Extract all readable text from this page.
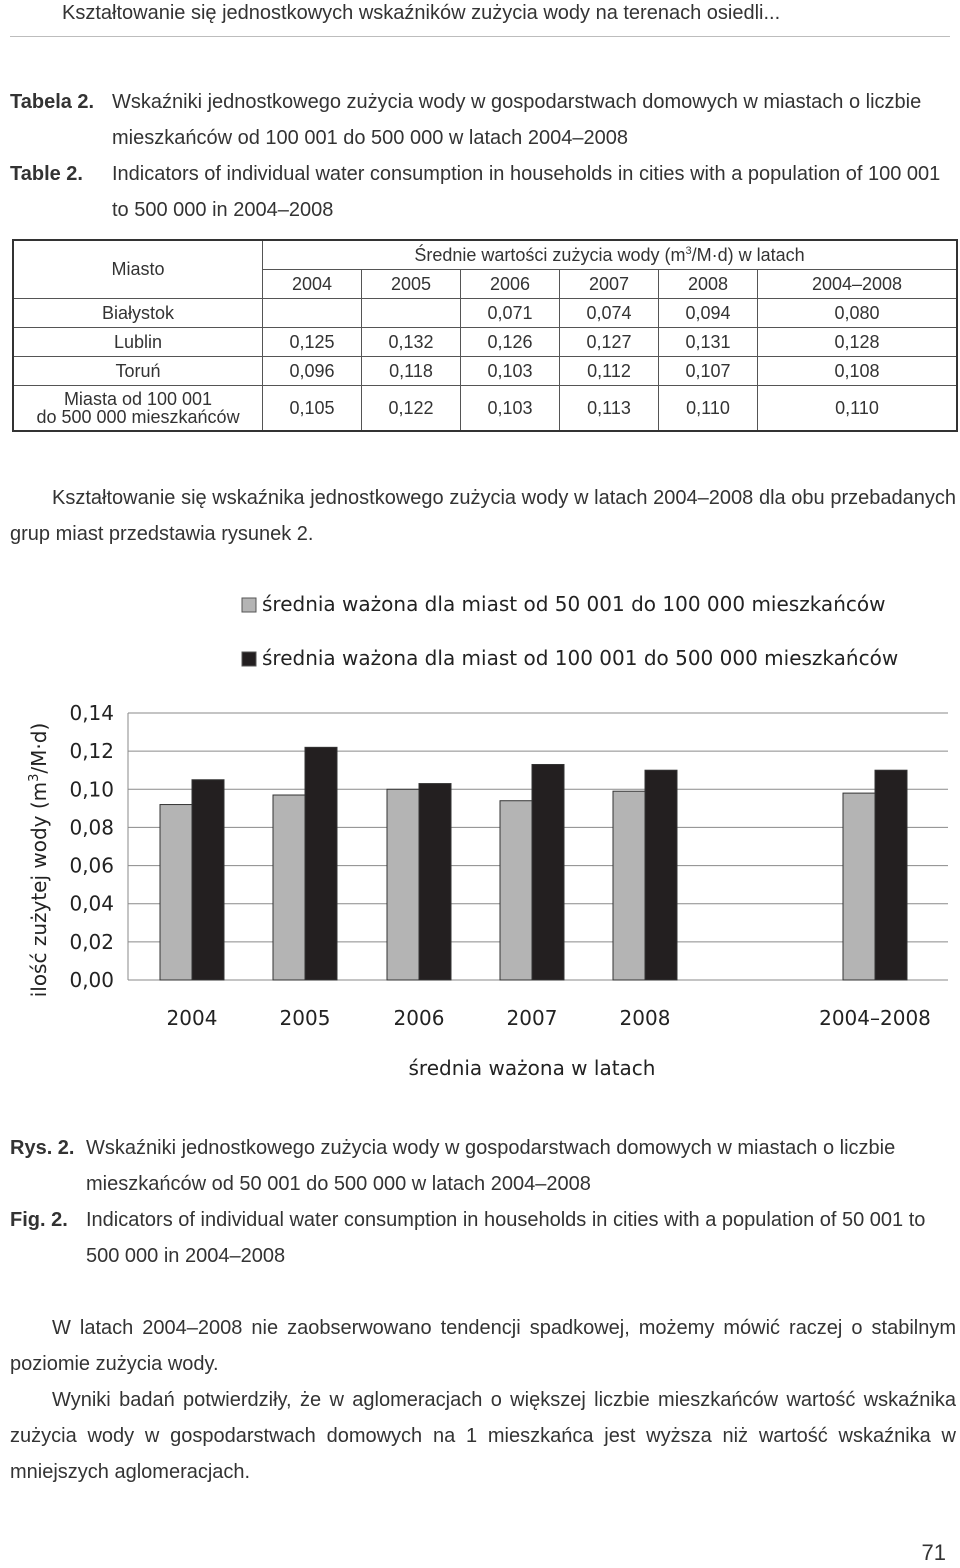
Kształtowanie się jednostkowych wskaźników zużycia wody na terenach osiedli...
Tabela 2. Wskaźniki jednostkowego zużycia wody w gospodarstwach domowych w miastach o liczbie mieszkańców od 100 001 do 500 000 w latach 2004–2008
Table 2. Indicators of individual water consumption in households in cities with a population of 100 001 to 500 000 in 2004–2008
Miasto	Średnie wartości zużycia wody $(m^3/M\cdot d)$ w latach					
	2004	2005	2006	2007	2008	2004–2008
Białystok			0,071	0,074	0,094	0,080
Lublin	0,125	0,132	0,126	0,127	0,131	0,128
Toruń	0,096	0,118	0,103	0,112	0,107	0,108
Miasta od 100 001
do 500 000 mieszkańców	0,105	0,122	0,103	0,113	0,110	0,110
Kształtowanie się wskaźnika jednostkowego zużycia wody w latach 2004–2008 dla obu przebadanych grup miast przedstawia rysunek 2.
średnia ważona dla miast od 50 001 do 100 000 mieszkańców
średnia ważona dla miast od 100 001 do 500 000 mieszkańców
0,00
0,02
0,04
0,06
0,08
0,10
0,12
0,14
2004	2005	2006	2007	2008	2004–2008
średnia ważona w latach
ilość zużytej wody $(m^3/M\cdot d)$
Rys. 2. Wskaźniki jednostkowego zużycia wody w gospodarstwach domowych w miastach o liczbie mieszkańców od 50 001 do 500 000 w latach 2004–2008
Fig. 2. Indicators of individual water consumption in households in cities with a population of 50 001 to 500 000 in 2004–2008
W latach 2004–2008 nie zaobserwowano tendencji spadkowej, możemy mówić raczej o stabilnym poziomie zużycia wody.
Wyniki badań potwierdziły, że w aglomeracjach o większej liczbie mieszkańców wartość wskaźnika zużycia wody w gospodarstwach domowych na 1 mieszkańca jest wyższa niż wartość wskaźnika w mniejszych aglomeracjach.
71
